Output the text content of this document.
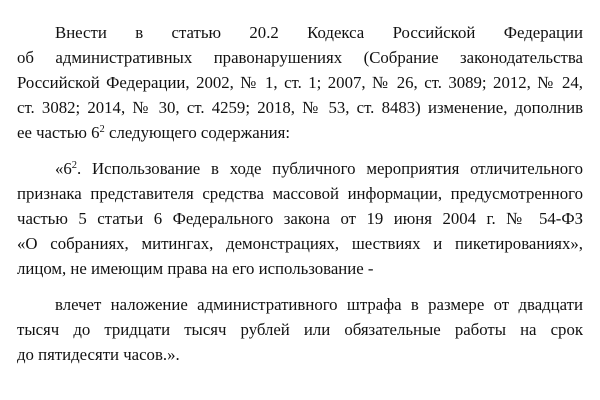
Внести в статью 20.2 Кодекса Российской Федерации

об административных правонарушениях (Собрание законодательства

Российской Федерации, 2002, № 1, ст. 1; 2007, № 26, ст. 3089; 2012, № 24,

ст. 3082; 2014, № 30, ст. 4259; 2018, № 53, ст. 8483) изменение, дополнив

ее частью $6^2$ следующего содержания:

«$6^2$. Использование в ходе публичного мероприятия отличительного

признака представителя средства массовой информации, предусмотренного

частью 5 статьи 6 Федерального закона от 19 июня 2004 г. № 54-ФЗ

«О собраниях, митингах, демонстрациях, шествиях и пикетированиях»,

лицом, не имеющим права на его использование -

влечет наложение административного штрафа в размере от двадцати

тысяч до тридцати тысяч рублей или обязательные работы на срок

до пятидесяти часов.».
